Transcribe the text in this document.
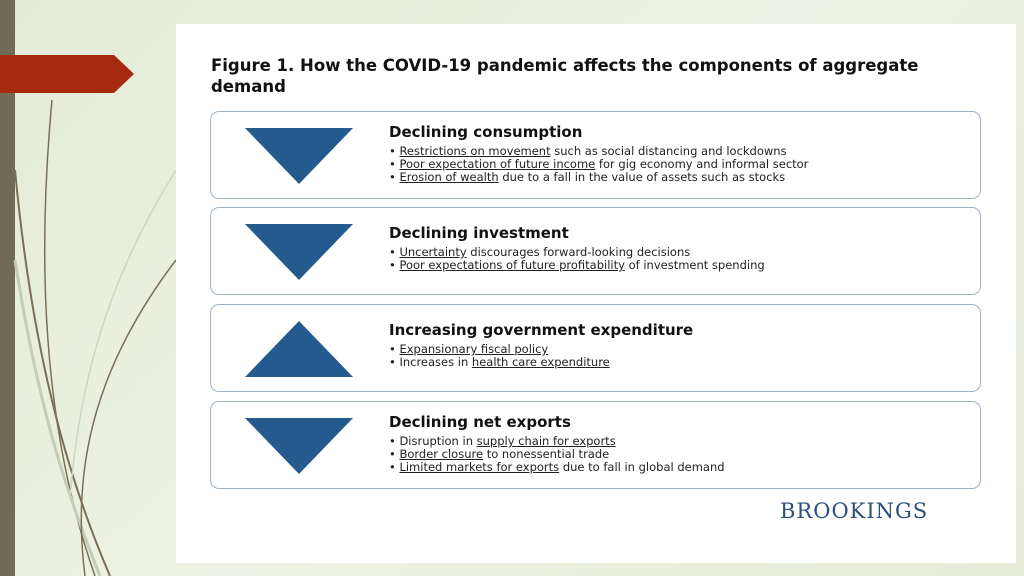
Figure 1. How the COVID-19 pandemic affects the components of aggregate demand
Declining consumption
• Restrictions on movement such as social distancing and lockdowns
• Poor expectation of future income for gig economy and informal sector
• Erosion of wealth due to a fall in the value of assets such as stocks
Declining investment
• Uncertainty discourages forward-looking decisions
• Poor expectations of future profitability of investment spending
Increasing government expenditure
• Expansionary fiscal policy
• Increases in health care expenditure
Declining net exports
• Disruption in supply chain for exports
• Border closure to nonessential trade
• Limited markets for exports due to fall in global demand
BROOKINGS
